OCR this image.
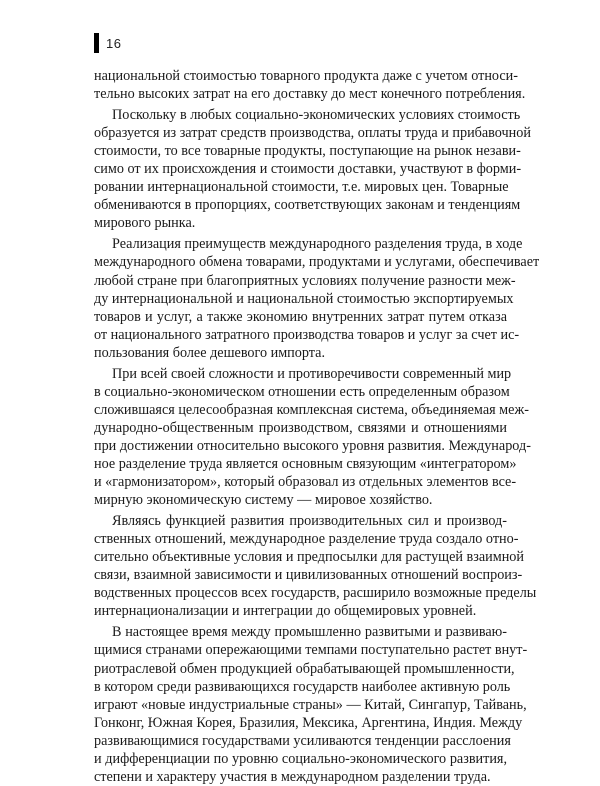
16
национальной стоимостью товарного продукта даже с учетом относи-
тельно высоких затрат на его доставку до мест конечного потребления.
Поскольку в любых социально-экономических условиях стоимость
образуется из затрат средств производства, оплаты труда и прибавочной
стоимости, то все товарные продукты, поступающие на рынок незави-
симо от их происхождения и стоимости доставки, участвуют в форми-
ровании интернациональной стоимости, т.е. мировых цен. Товарные
обмениваются в пропорциях, соответствующих законам и тенденциям
мирового рынка.
Реализация преимуществ международного разделения труда, в ходе
международного обмена товарами, продуктами и услугами, обеспечивает
любой стране при благоприятных условиях получение разности меж-
ду интернациональной и национальной стоимостью экспортируемых
товаров и услуг, а также экономию внутренних затрат путем отказа
от национального затратного производства товаров и услуг за счет ис-
пользования более дешевого импорта.
При всей своей сложности и противоречивости современный мир
в социально-экономическом отношении есть определенным образом
сложившаяся целесообразная комплексная система, объединяемая меж-
дународно-общественным производством, связями и отношениями
при достижении относительно высокого уровня развития. Международ-
ное разделение труда является основным связующим «интегратором»
и «гармонизатором», который образовал из отдельных элементов все-
мирную экономическую систему — мировое хозяйство.
Являясь функцией развития производительных сил и производ-
ственных отношений, международное разделение труда создало отно-
сительно объективные условия и предпосылки для растущей взаимной
связи, взаимной зависимости и цивилизованных отношений воспроиз-
водственных процессов всех государств, расширило возможные пределы
интернационализации и интеграции до общемировых уровней.
В настоящее время между промышленно развитыми и развиваю-
щимися странами опережающими темпами поступательно растет внут-
риотраслевой обмен продукцией обрабатывающей промышленности,
в котором среди развивающихся государств наиболее активную роль
играют «новые индустриальные страны» — Китай, Сингапур, Тайвань,
Гонконг, Южная Корея, Бразилия, Мексика, Аргентина, Индия. Между
развивающимися государствами усиливаются тенденции расслоения
и дифференциации по уровню социально-экономического развития,
степени и характеру участия в международном разделении труда.
